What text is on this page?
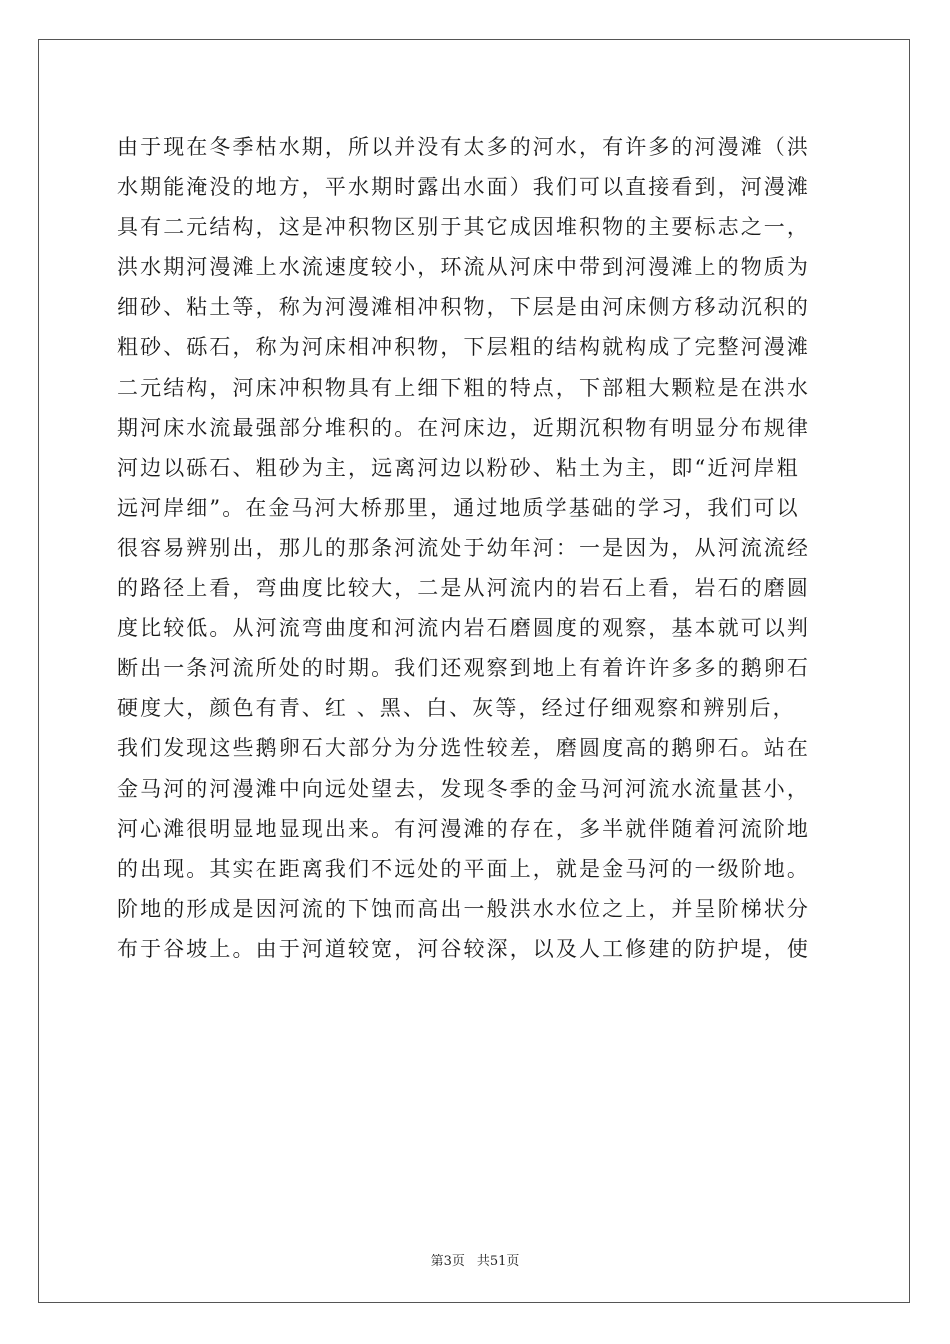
由于现在冬季枯水期，所以并没有太多的河水，有许多的河漫滩（洪
水期能淹没的地方，平水期时露出水面）我们可以直接看到，河漫滩
具有二元结构，这是冲积物区别于其它成因堆积物的主要标志之一，
洪水期河漫滩上水流速度较小，环流从河床中带到河漫滩上的物质为
细砂、粘土等，称为河漫滩相冲积物，下层是由河床侧方移动沉积的
粗砂、砾石，称为河床相冲积物，下层粗的结构就构成了完整河漫滩
二元结构，河床冲积物具有上细下粗的特点，下部粗大颗粒是在洪水
期河床水流最强部分堆积的。在河床边，近期沉积物有明显分布规律
河边以砾石、粗砂为主，远离河边以粉砂、粘土为主，即“近河岸粗
远河岸细”。在金马河大桥那里，通过地质学基础的学习，我们可以
很容易辨别出，那儿的那条河流处于幼年河：一是因为，从河流流经
的路径上看，弯曲度比较大，二是从河流内的岩石上看，岩石的磨圆
度比较低。从河流弯曲度和河流内岩石磨圆度的观察，基本就可以判
断出一条河流所处的时期。我们还观察到地上有着许许多多的鹅卵石
硬度大，颜色有青、红 、黑、白、灰等，经过仔细观察和辨别后，
我们发现这些鹅卵石大部分为分选性较差，磨圆度高的鹅卵石。站在
金马河的河漫滩中向远处望去，发现冬季的金马河河流水流量甚小，
河心滩很明显地显现出来。有河漫滩的存在，多半就伴随着河流阶地
的出现。其实在距离我们不远处的平面上，就是金马河的一级阶地。
阶地的形成是因河流的下蚀而高出一般洪水水位之上，并呈阶梯状分
布于谷坡上。由于河道较宽，河谷较深，以及人工修建的防护堤，使
第3页 共51页
